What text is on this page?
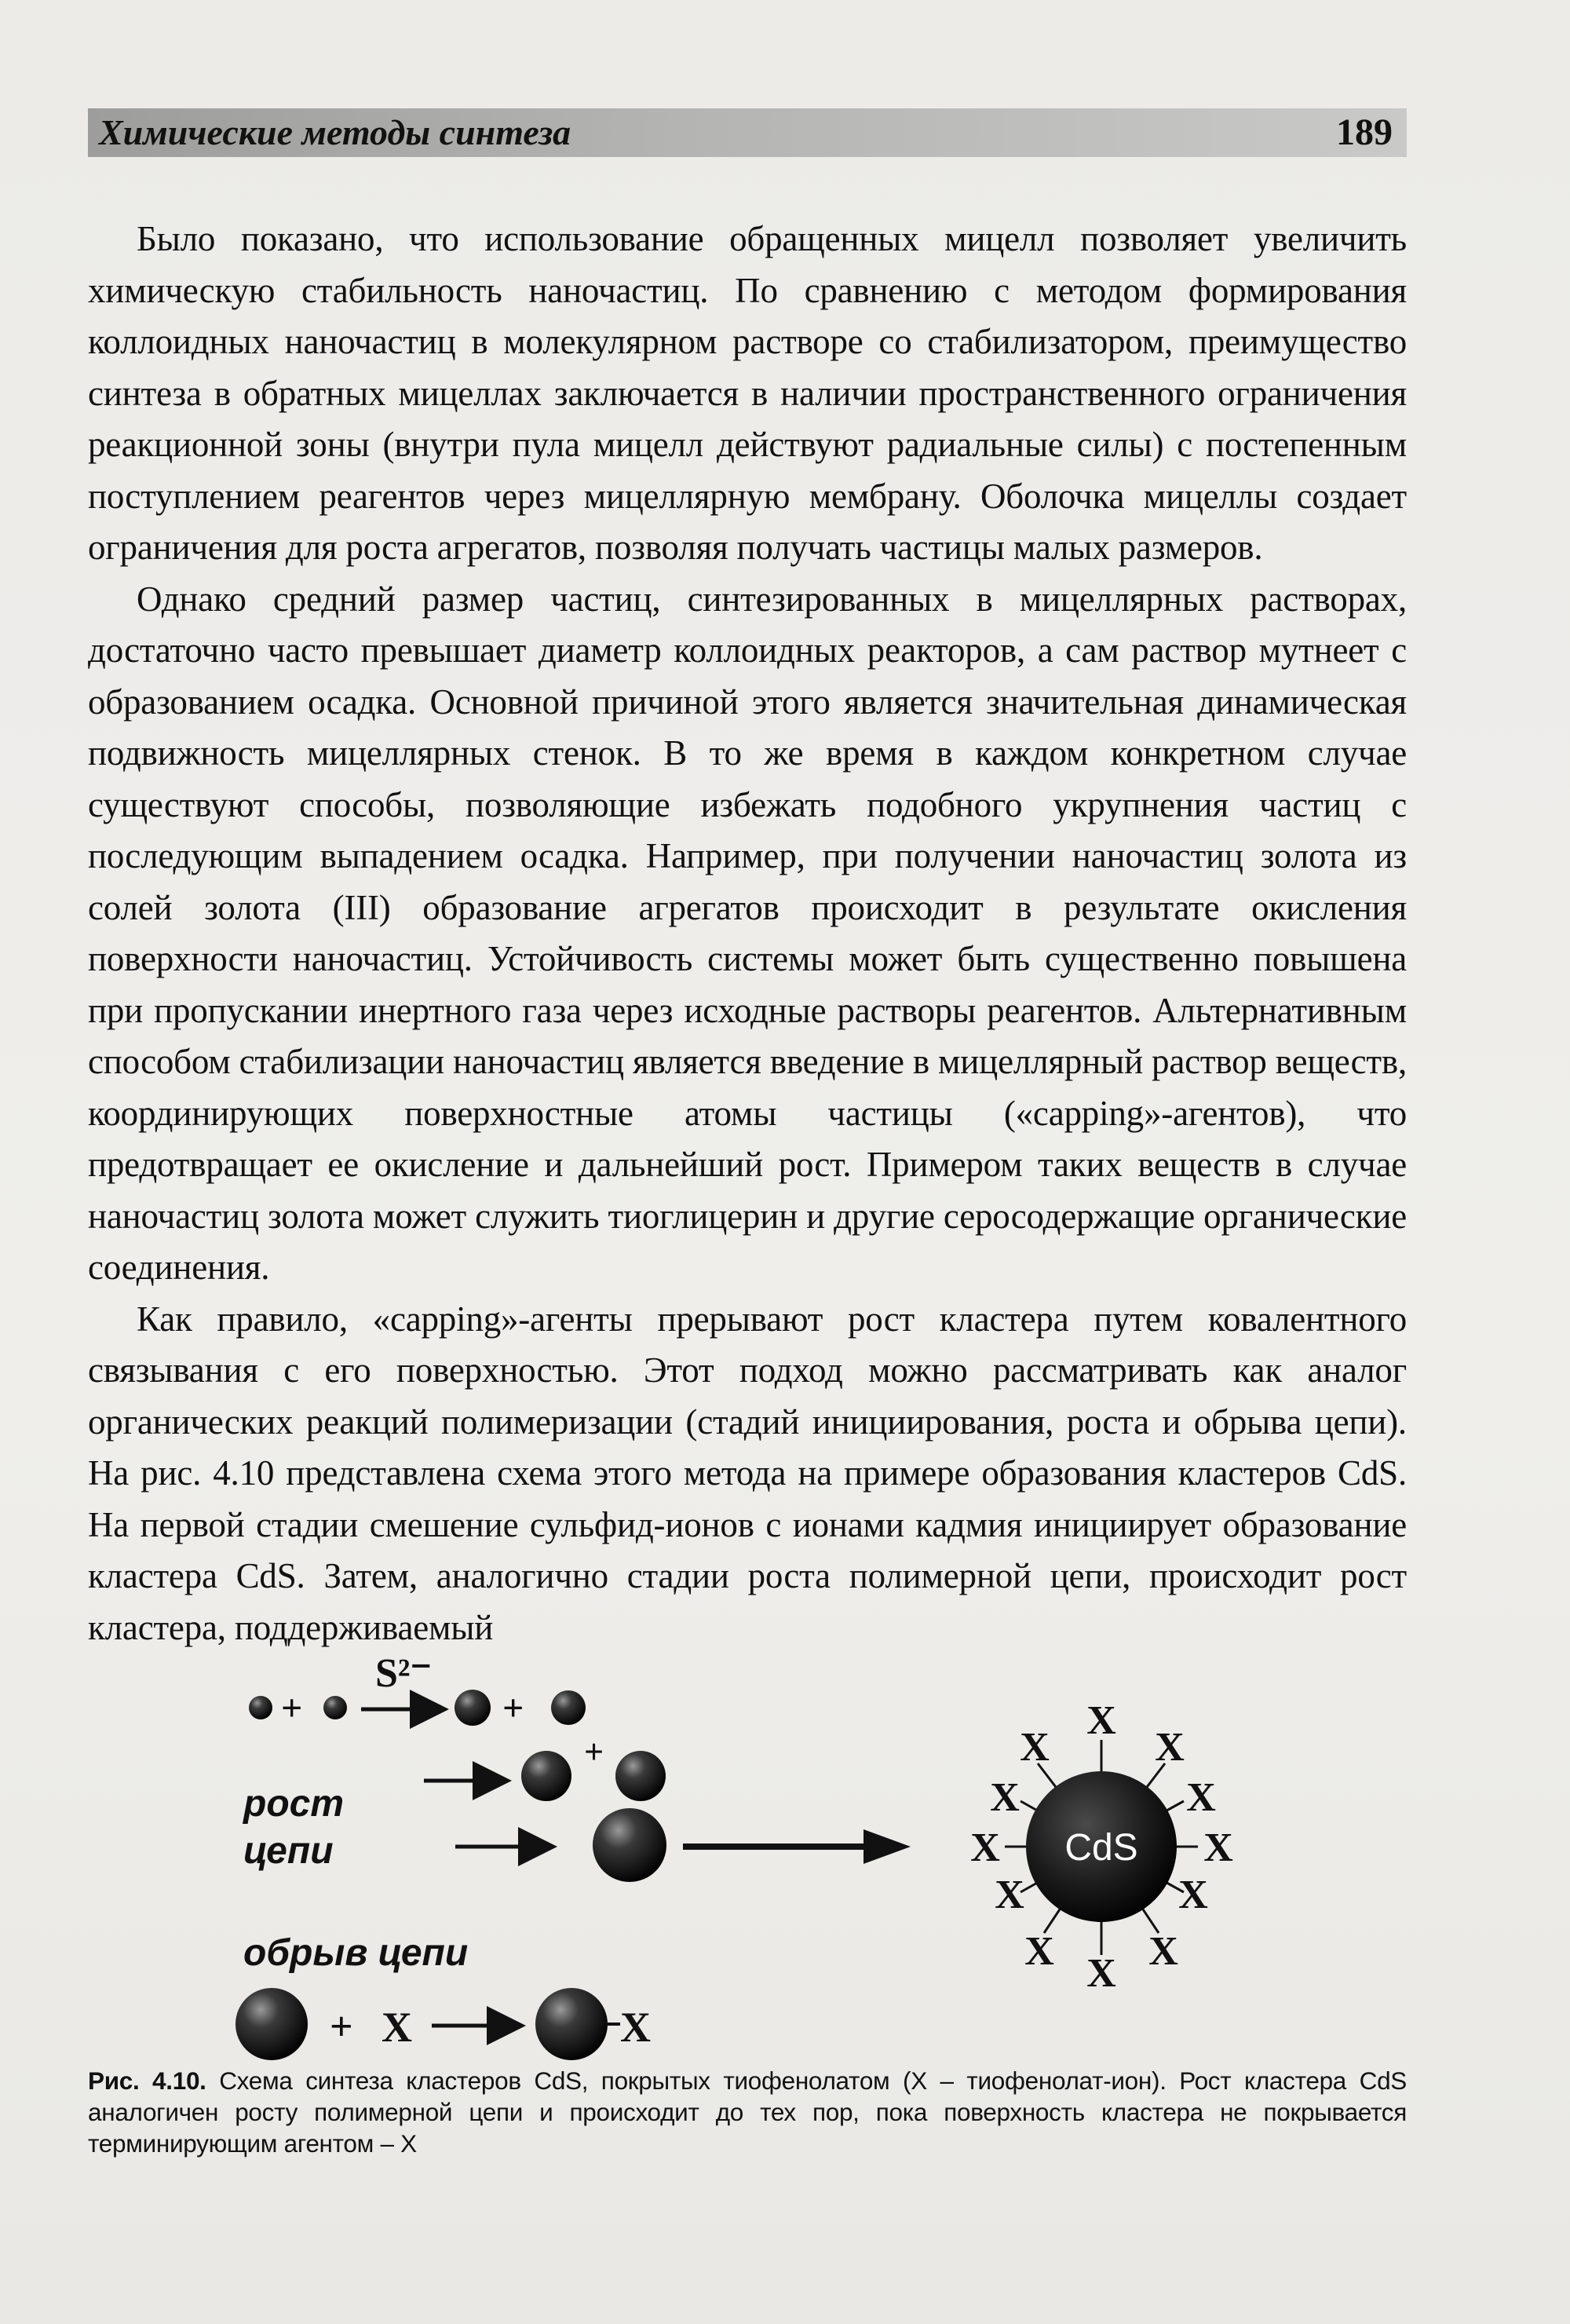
Химические методы синтеза	189

Было показано, что использование обращенных мицелл позволяет увеличить химическую стабильность наночастиц. По сравнению с методом формирования коллоидных наночастиц в молекулярном растворе со стабилизатором, преимущество синтеза в обратных мицеллах заключается в наличии пространственного ограничения реакционной зоны (внутри пула мицелл действуют радиальные силы) с постепенным поступлением реагентов через мицеллярную мембрану. Оболочка мицеллы создает ограничения для роста агрегатов, позволяя получать частицы малых размеров.

Однако средний размер частиц, синтезированных в мицеллярных растворах, достаточно часто превышает диаметр коллоидных реакторов, а сам раствор мутнеет с образованием осадка. Основной причиной этого является значительная динамическая подвижность мицеллярных стенок. В то же время в каждом конкретном случае существуют способы, позволяющие избежать подобного укрупнения частиц с последующим выпадением осадка. Например, при получении наночастиц золота из солей золота (III) образование агрегатов происходит в результате окисления поверхности наночастиц. Устойчивость системы может быть существенно повышена при пропускании инертного газа через исходные растворы реагентов. Альтернативным способом стабилизации наночастиц является введение в мицеллярный раствор веществ, координирующих поверхностные атомы частицы («capping»-агентов), что предотвращает ее окисление и дальнейший рост. Примером таких веществ в случае наночастиц золота может служить тиоглицерин и другие серосодержащие органические соединения.

Как правило, «capping»-агенты прерывают рост кластера путем ковалентного связывания с его поверхностью. Этот подход можно рассматривать как аналог органических реакций полимеризации (стадий инициирования, роста и обрыва цепи). На рис. 4.10 представлена схема этого метода на примере образования кластеров CdS. На первой стадии смешение сульфид-ионов с ионами кадмия инициирует образование кластера CdS. Затем, аналогично стадии роста полимерной цепи, происходит рост кластера, поддерживаемый

+
S²⁻
+
+
CdS
X
X	X
X	X
X	X
X	X
X X X
+ X	X
рост
цепи
обрыв цепи
Рис. 4.10. Схема синтеза кластеров CdS, покрытых тиофенолатом (X – тиофенолат-ион). Рост кластера CdS аналогичен росту полимерной цепи и происходит до тех пор, пока поверхность кластера не покрывается терминирующим агентом – X
